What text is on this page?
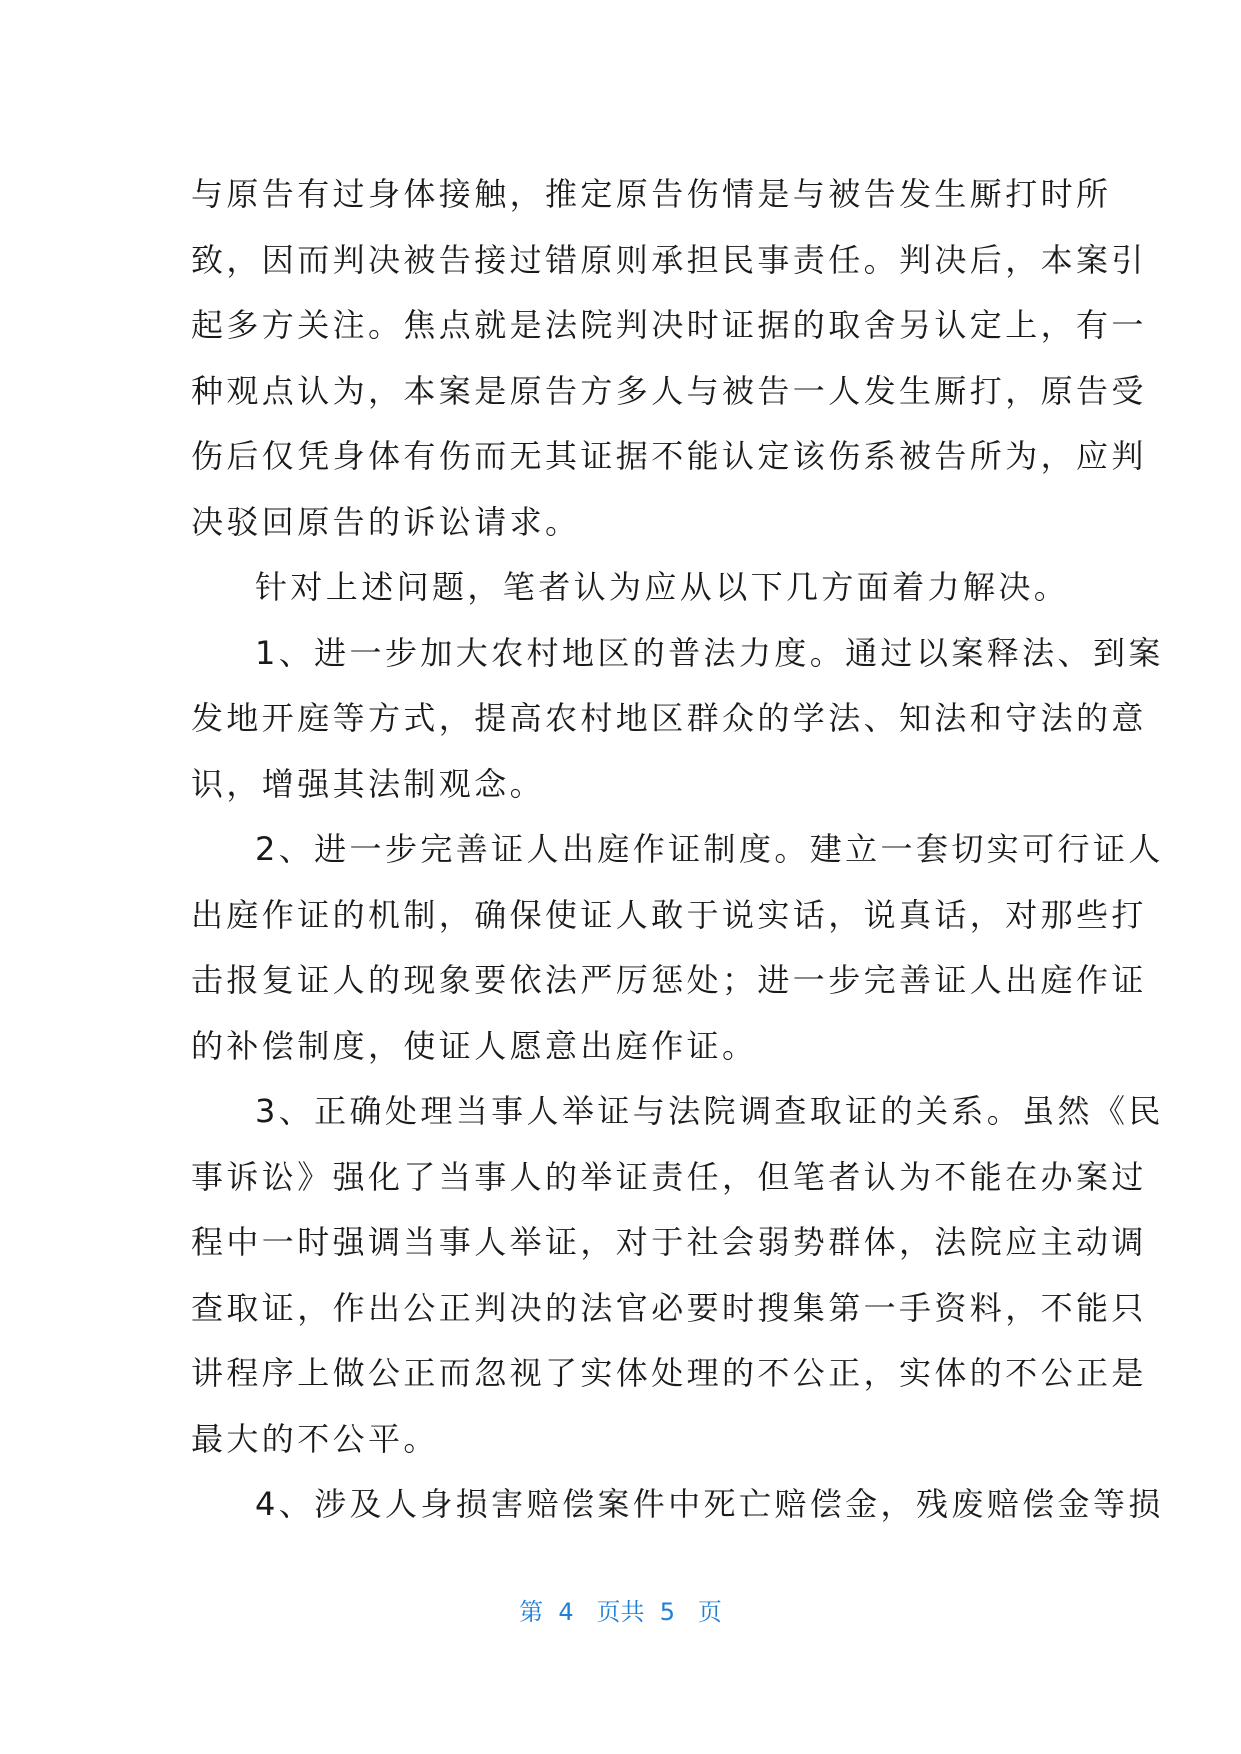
与原告有过身体接触，推定原告伤情是与被告发生厮打时所
致，因而判决被告接过错原则承担民事责任。判决后，本案引
起多方关注。焦点就是法院判决时证据的取舍另认定上，有一
种观点认为，本案是原告方多人与被告一人发生厮打，原告受
伤后仅凭身体有伤而无其证据不能认定该伤系被告所为，应判
决驳回原告的诉讼请求。
针对上述问题，笔者认为应从以下几方面着力解决。
1、进一步加大农村地区的普法力度。通过以案释法、到案
发地开庭等方式，提高农村地区群众的学法、知法和守法的意
识，增强其法制观念。
2、进一步完善证人出庭作证制度。建立一套切实可行证人
出庭作证的机制，确保使证人敢于说实话，说真话，对那些打
击报复证人的现象要依法严厉惩处；进一步完善证人出庭作证
的补偿制度，使证人愿意出庭作证。
3、正确处理当事人举证与法院调查取证的关系。虽然《民
事诉讼》强化了当事人的举证责任，但笔者认为不能在办案过
程中一时强调当事人举证，对于社会弱势群体，法院应主动调
查取证，作出公正判决的法官必要时搜集第一手资料，不能只
讲程序上做公正而忽视了实体处理的不公正，实体的不公正是
最大的不公平。
4、涉及人身损害赔偿案件中死亡赔偿金，残废赔偿金等损
第  4   页共  5   页
